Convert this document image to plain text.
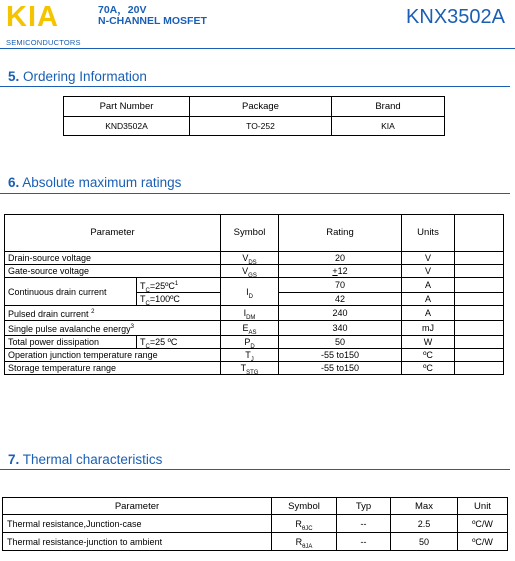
KIA
SEMICONDUCTORS
70A，20V
N-CHANNEL MOSFET	KNX3502A
5. Ordering Information
Part Number	Package	Brand
KND3502A	TO-252	KIA
6. Absolute maximum ratings
Parameter		Symbol	Rating	Units	
Drain-source voltage		$V_{DS}$	20	V	
Gate-source voltage		$V_{GS}$	+12	V	
Continuous drain current	$T_C=25ºC^1$	$I_D$	70	A	
	$T_C=100ºC$		42	A	
Pulsed drain current $^2$		$I_{DM}$	240	A	
Single pulse avalanche energy$^3$		$E_{AS}$	340	mJ	
Total power dissipation	$T_C=25$ ºC	$P_D$	50	W	
Operation junction temperature range		$T_J$	-55 to150	ºC	
Storage temperature range		$T_{STG}$	-55 to150	ºC	
7. Thermal characteristics
Parameter	Symbol	Typ	Max	Unit
Thermal resistance,Junction-case	$R_{\theta JC}$	--	2.5	ºC/W
Thermal resistance-junction to ambient	$R_{\theta JA}$	--	50	ºC/W
